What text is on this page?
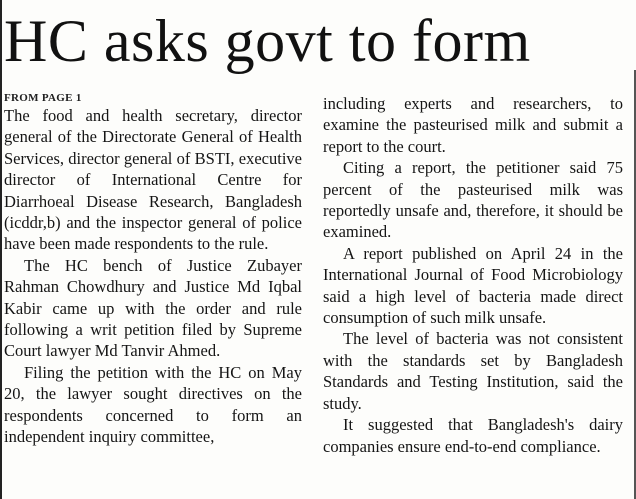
HC asks govt to form
FROM PAGE 1

The food and health secretary, director general of the Directorate General of Health Services, director general of BSTI, executive director of International Centre for Diarrhoeal Disease Research, Bangladesh (icddr,b) and the inspector general of police have been made respondents to the rule.

The HC bench of Justice Zubayer Rahman Chowdhury and Justice Md Iqbal Kabir came up with the order and rule following a writ petition filed by Supreme Court lawyer Md Tanvir Ahmed.

Filing the petition with the HC on May 20, the lawyer sought directives on the respondents concerned to form an independent inquiry committee,

including experts and researchers, to examine the pasteurised milk and submit a report to the court.

Citing a report, the petitioner said 75 percent of the pasteurised milk was reportedly unsafe and, therefore, it should be examined.

A report published on April 24 in the International Journal of Food Microbiology said a high level of bacteria made direct consumption of such milk unsafe.

The level of bacteria was not consistent with the standards set by Bangladesh Standards and Testing Institution, said the study.

It suggested that Bangladesh's dairy companies ensure end-to-end compliance.
